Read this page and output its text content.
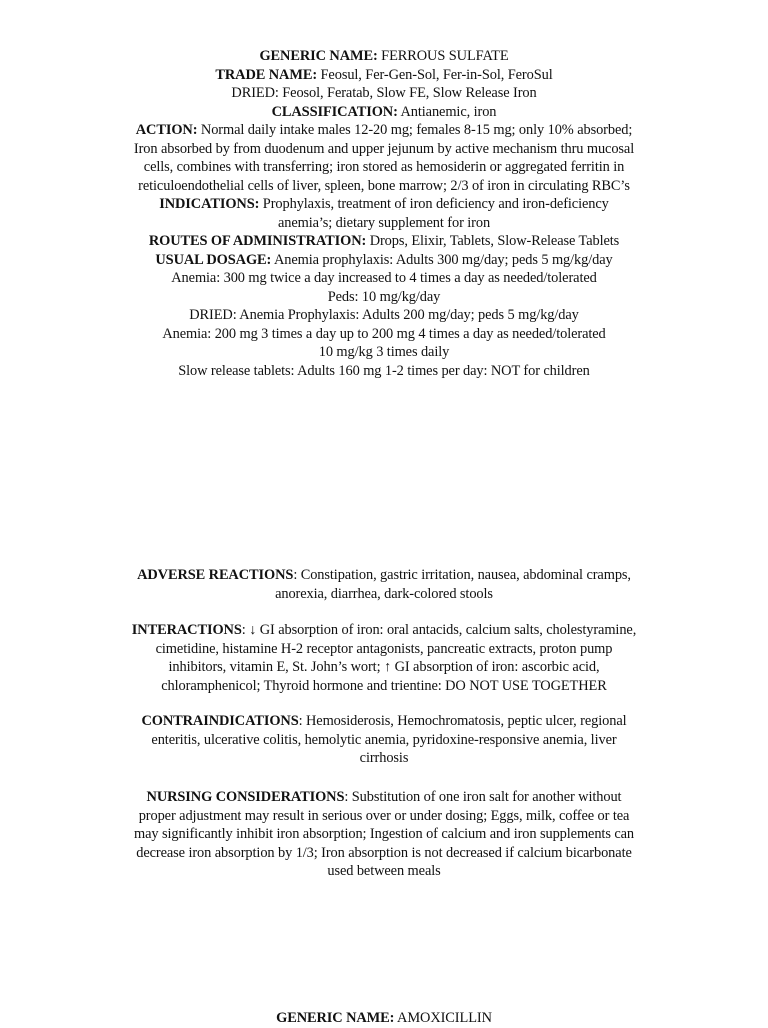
GENERIC NAME: FERROUS SULFATE
TRADE NAME: Feosul, Fer-Gen-Sol, Fer-in-Sol, FeroSul
DRIED: Feosol, Feratab, Slow FE, Slow Release Iron
CLASSIFICATION: Antianemic, iron
ACTION: Normal daily intake males 12-20 mg; females 8-15 mg; only 10% absorbed;
Iron absorbed by from duodenum and upper jejunum by active mechanism thru mucosal
cells, combines with transferring; iron stored as hemosiderin or aggregated ferritin in
reticuloendothelial cells of liver, spleen, bone marrow; 2/3 of iron in circulating RBC’s
INDICATIONS: Prophylaxis, treatment of iron deficiency and iron-deficiency
anemia’s; dietary supplement for iron
ROUTES OF ADMINISTRATION: Drops, Elixir, Tablets, Slow-Release Tablets
USUAL DOSAGE: Anemia prophylaxis: Adults 300 mg/day; peds 5 mg/kg/day
Anemia: 300 mg twice a day increased to 4 times a day as needed/tolerated
Peds: 10 mg/kg/day
DRIED: Anemia Prophylaxis: Adults 200 mg/day; peds 5 mg/kg/day
Anemia: 200 mg 3 times a day up to 200 mg 4 times a day as needed/tolerated
10 mg/kg 3 times daily
Slow release tablets: Adults 160 mg 1-2 times per day: NOT for children
ADVERSE REACTIONS: Constipation, gastric irritation, nausea, abdominal cramps,
anorexia, diarrhea, dark-colored stools
INTERACTIONS: ↓ GI absorption of iron: oral antacids, calcium salts, cholestyramine,
cimetidine, histamine H-2 receptor antagonists, pancreatic extracts, proton pump
inhibitors, vitamin E, St. John’s wort; ↑ GI absorption of iron: ascorbic acid,
chloramphenicol; Thyroid hormone and trientine: DO NOT USE TOGETHER
CONTRAINDICATIONS: Hemosiderosis, Hemochromatosis, peptic ulcer, regional
enteritis, ulcerative colitis, hemolytic anemia, pyridoxine-responsive anemia, liver
cirrhosis
NURSING CONSIDERATIONS: Substitution of one iron salt for another without
proper adjustment may result in serious over or under dosing; Eggs, milk, coffee or tea
may significantly inhibit iron absorption; Ingestion of calcium and iron supplements can
decrease iron absorption by 1/3; Iron absorption is not decreased if calcium bicarbonate
used between meals
GENERIC NAME: AMOXICILLIN
